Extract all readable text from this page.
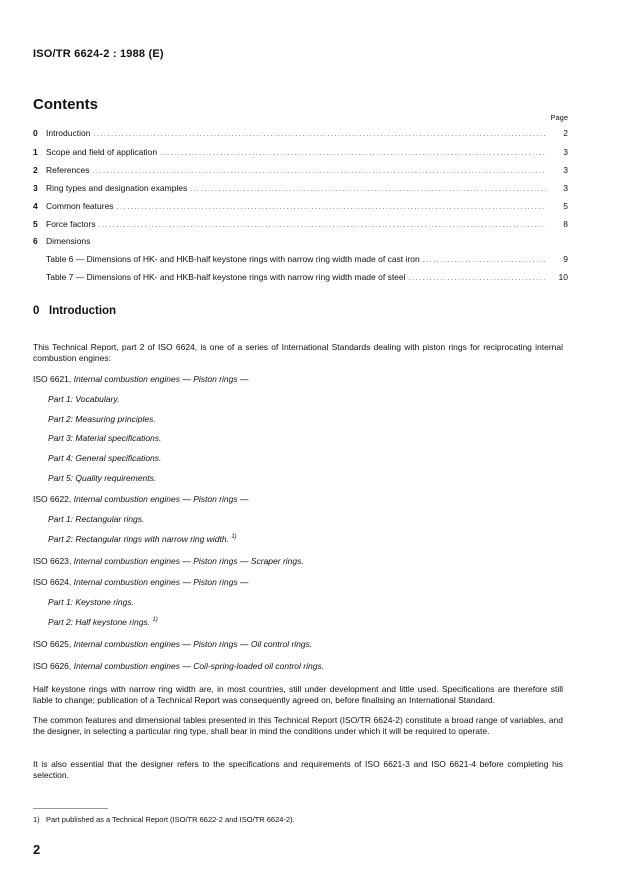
ISO/TR 6624-2 : 1988 (E)
Contents
Page
0 Introduction .....	2
1 Scope and field of application .....	3
2 References .....	3
3 Ring types and designation examples .....	3
4 Common features .....	5
5 Force factors .....	8
6 Dimensions
Table 6 — Dimensions of HK- and HKB-half keystone rings with narrow ring width made of cast iron .....	9
Table 7 — Dimensions of HK- and HKB-half keystone rings with narrow ring width made of steel .....	10
0 Introduction
This Technical Report, part 2 of ISO 6624, is one of a series of International Standards dealing with piston rings for reciprocating internal combustion engines:
ISO 6621, Internal combustion engines — Piston rings —
Part 1: Vocabulary.
Part 2: Measuring principles.
Part 3: Material specifications.
Part 4: General specifications.
Part 5: Quality requirements.
ISO 6622, Internal combustion engines — Piston rings —
Part 1: Rectangular rings.
Part 2: Rectangular rings with narrow ring width. $^{1)}$
ISO 6623, Internal combustion engines — Piston rings — Scraper rings.
ISO 6624, Internal combustion engines — Piston rings —
Part 1: Keystone rings.
Part 2: Half keystone rings. $^{1)}$
ISO 6625, Internal combustion engines — Piston rings — Oil control rings.
ISO 6626, Internal combustion engines — Coil-spring-loaded oil control rings.
Half keystone rings with narrow ring width are, in most countries, still under development and little used. Specifications are therefore still liable to change; publication of a Technical Report was consequently agreed on, before finalising an International Standard.
The common features and dimensional tables presented in this Technical Report (ISO/TR 6624-2) constitute a broad range of variables, and the designer, in selecting a particular ring type, shall bear in mind the conditions under which it will be required to operate.
It is also essential that the designer refers to the specifications and requirements of ISO 6621-3 and ISO 6621-4 before completing his selection.
1) Part published as a Technical Report (ISO/TR 6622-2 and ISO/TR 6624-2).
2
